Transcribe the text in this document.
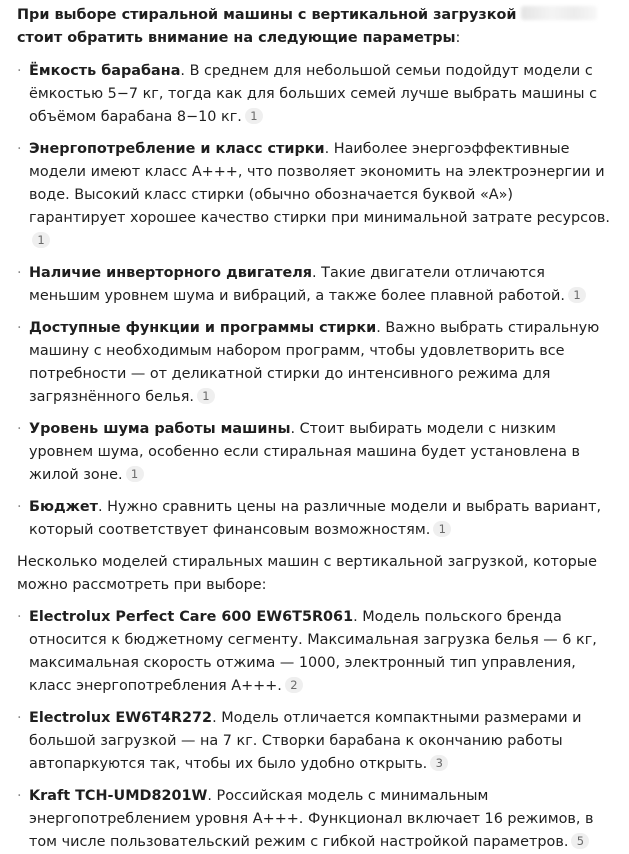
При выборе стиральной машины с вертикальной загрузкой  стоит обратить внимание на следующие параметры:

· Ёмкость барабана. В среднем для небольшой семьи подойдут модели с ёмкостью 5−7 кг, тогда как для больших семей лучше выбрать машины с объёмом барабана 8−10 кг. 1
· Энергопотребление и класс стирки. Наиболее энергоэффективные модели имеют класс А+++, что позволяет экономить на электроэнергии и воде. Высокий класс стирки (обычно обозначается буквой «А») гарантирует хорошее качество стирки при минимальной затрате ресурсов.1
· Наличие инверторного двигателя. Такие двигатели отличаются меньшим уровнем шума и вибраций, а также более плавной работой. 1
· Доступные функции и программы стирки. Важно выбрать стиральную машину с необходимым набором программ, чтобы удовлетворить все потребности — от деликатной стирки до интенсивного режима для загрязнённого белья. 1
· Уровень шума работы машины. Стоит выбирать модели с низким уровнем шума, особенно если стиральная машина будет установлена в жилой зоне. 1
· Бюджет. Нужно сравнить цены на различные модели и выбрать вариант, который соответствует финансовым возможностям. 1

Несколько моделей стиральных машин с вертикальной загрузкой, которые можно рассмотреть при выборе:

· Electrolux Perfect Care 600 EW6T5R061. Модель польского бренда относится к бюджетному сегменту. Максимальная загрузка белья — 6 кг, максимальная скорость отжима — 1000, электронный тип управления, класс энергопотребления А+++. 2
· Electrolux EW6T4R272. Модель отличается компактными размерами и большой загрузкой — на 7 кг. Створки барабана к окончанию работы автопаркуются так, чтобы их было удобно открыть. 3
· Kraft TCH-UMD8201W. Российская модель с минимальным энергопотреблением уровня А+++. Функционал включает 16 режимов, в том числе пользовательский режим с гибкой настройкой параметров. 5
